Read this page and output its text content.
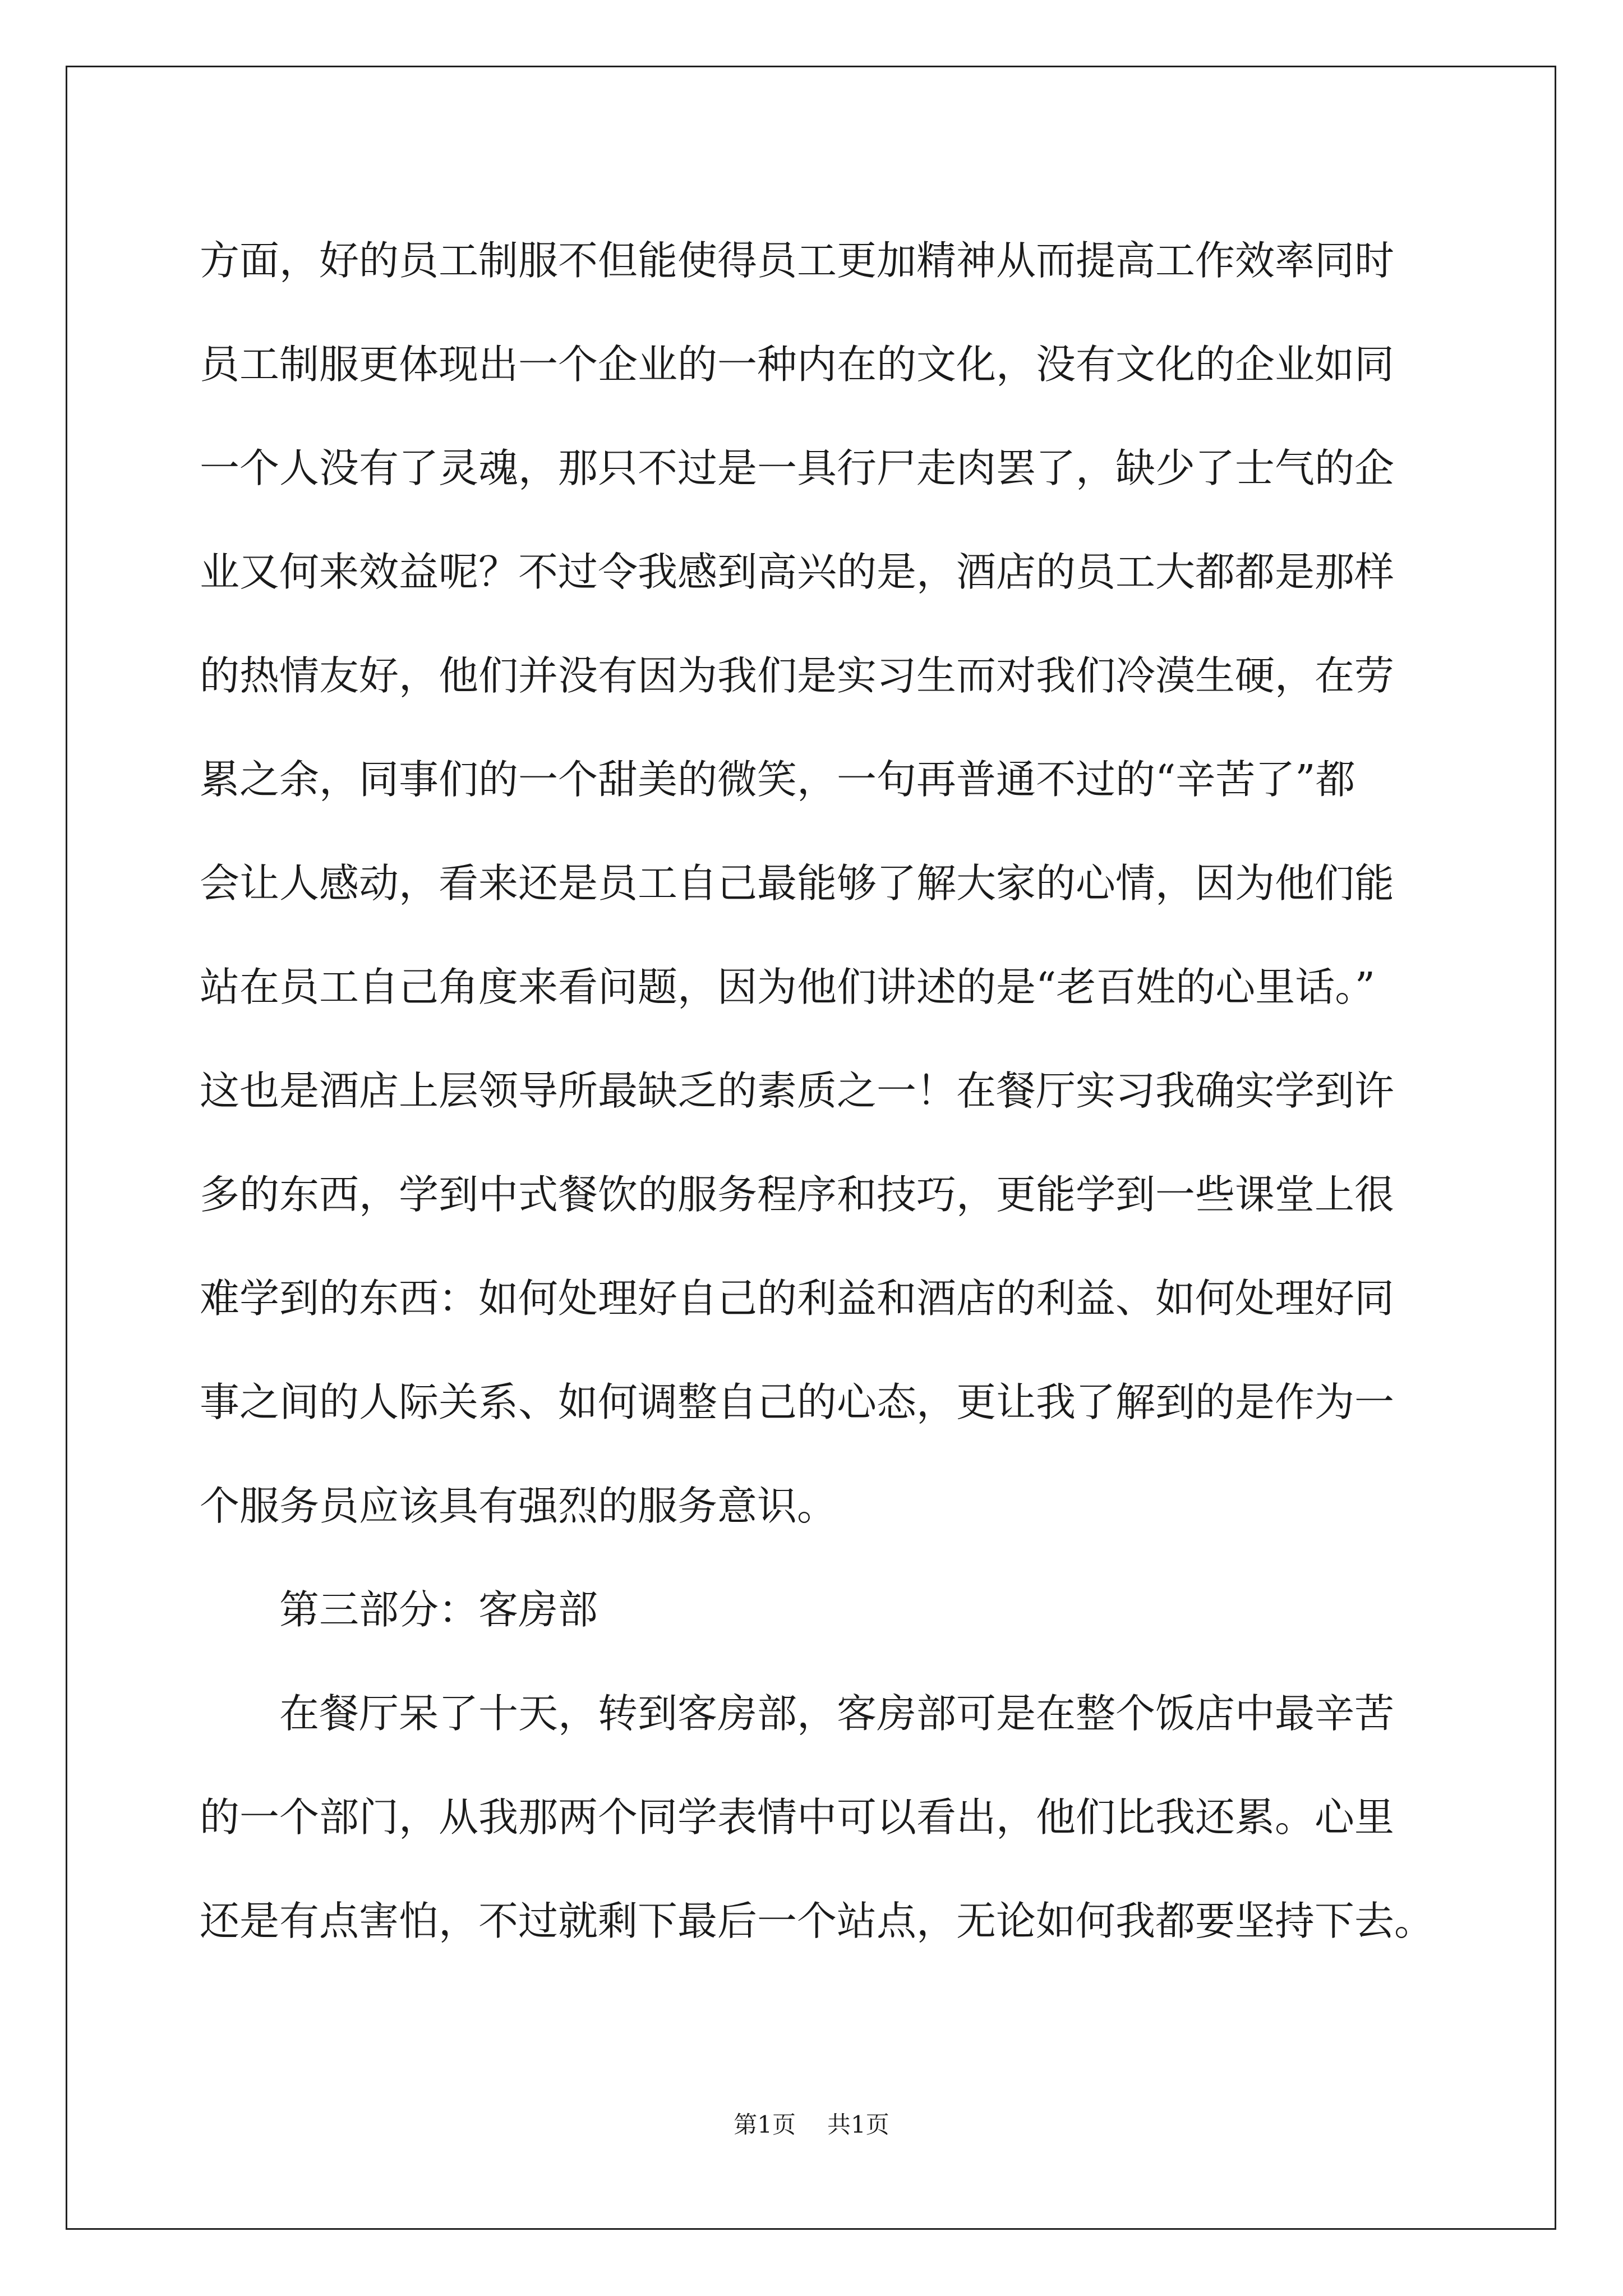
方面，好的员工制服不但能使得员工更加精神从而提高工作效率同时
员工制服更体现出一个企业的一种内在的文化，没有文化的企业如同
一个人没有了灵魂，那只不过是一具行尸走肉罢了，缺少了士气的企
业又何来效益呢？不过令我感到高兴的是，酒店的员工大都都是那样
的热情友好，他们并没有因为我们是实习生而对我们冷漠生硬，在劳
累之余，同事们的一个甜美的微笑，一句再普通不过的“辛苦了”都
会让人感动，看来还是员工自己最能够了解大家的心情，因为他们能
站在员工自己角度来看问题，因为他们讲述的是“老百姓的心里话。”
这也是酒店上层领导所最缺乏的素质之一！在餐厅实习我确实学到许
多的东西，学到中式餐饮的服务程序和技巧，更能学到一些课堂上很
难学到的东西：如何处理好自己的利益和酒店的利益、如何处理好同
事之间的人际关系、如何调整自己的心态，更让我了解到的是作为一
个服务员应该具有强烈的服务意识。
第三部分：客房部
在餐厅呆了十天，转到客房部，客房部可是在整个饭店中最辛苦
的一个部门，从我那两个同学表情中可以看出，他们比我还累。心里
还是有点害怕，不过就剩下最后一个站点，无论如何我都要坚持下去。
第1页 共1页
